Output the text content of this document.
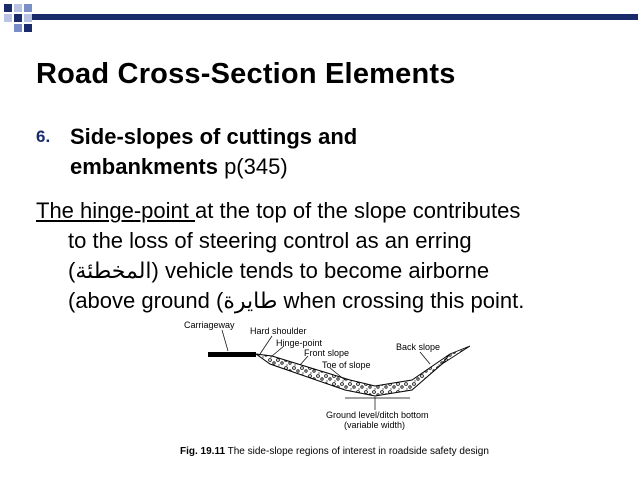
Road Cross-Section Elements
6. Side-slopes of cuttings and
embankments p(345)
The hinge-point at the top of the slope contributes
to the loss of steering control as an erring
(المخطئة) vehicle tends to become airborne
(above ground (طايرة when crossing this point.
Carriageway
Hard shoulder
Hinge-point
Front slope
Toe of slope
Back slope
Ground level/ditch bottom
(variable width)
Fig. 19.11 The side-slope regions of interest in roadside safety design
